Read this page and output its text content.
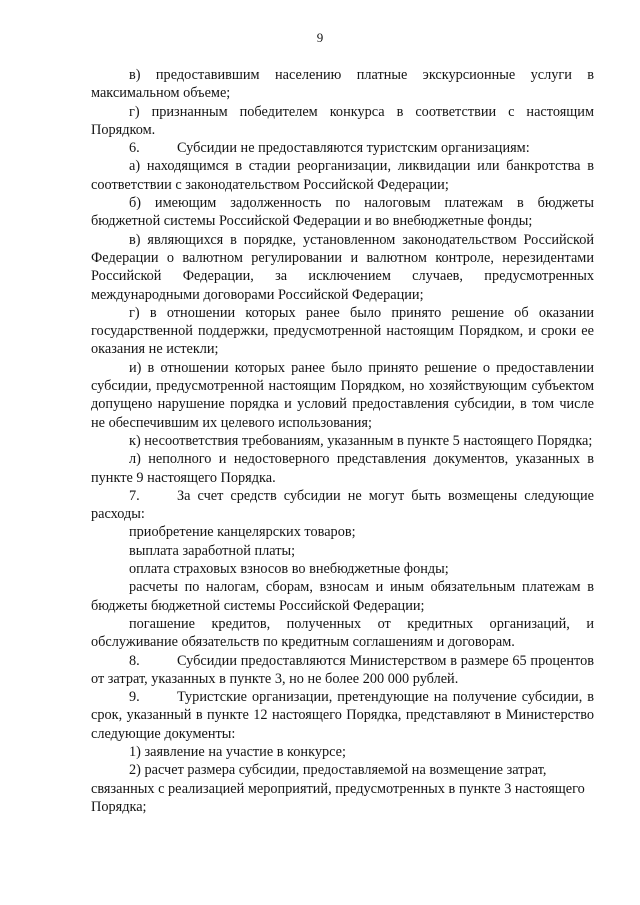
9

в) предоставившим населению платные экскурсионные услуги в максимальном объеме;

г) признанным победителем конкурса в соответствии с настоящим Порядком.

6.	Субсидии не предоставляются туристским организациям:

а) находящимся в стадии реорганизации, ликвидации или банкротства в соответствии с законодательством Российской Федерации;

б) имеющим задолженность по налоговым платежам в бюджеты бюджетной системы Российской Федерации и во внебюджетные фонды;

в) являющихся в порядке, установленном законодательством Российской Федерации о валютном регулировании и валютном контроле, нерезидентами Российской Федерации, за исключением случаев, предусмотренных международными договорами Российской Федерации;

г) в отношении которых ранее было принято решение об оказании государственной поддержки, предусмотренной настоящим Порядком, и сроки ее оказания не истекли;

и) в отношении которых ранее было принято решение о предоставлении субсидии, предусмотренной настоящим Порядком, но хозяйствующим субъектом допущено нарушение порядка и условий предоставления субсидии, в том числе не обеспечившим их целевого использования;

к) несоответствия требованиям, указанным в пункте 5 настоящего Порядка;

л) неполного и недостоверного представления документов, указанных в пункте 9 настоящего Порядка.

7.	За счет средств субсидии не могут быть возмещены следующие расходы:

приобретение канцелярских товаров;

выплата заработной платы;

оплата страховых взносов во внебюджетные фонды;

расчеты по налогам, сборам, взносам и иным обязательным платежам в бюджеты бюджетной системы Российской Федерации;

погашение кредитов, полученных от кредитных организаций, и обслуживание обязательств по кредитным соглашениям и договорам.

8.	Субсидии предоставляются Министерством в размере 65 процентов от затрат, указанных в пункте 3, но не более 200 000 рублей.

9.	Туристские организации, претендующие на получение субсидии, в срок, указанный в пункте 12 настоящего Порядка, представляют в Министерство следующие документы:

1) заявление на участие в конкурсе;

2) расчет размера субсидии, предоставляемой на возмещение затрат, связанных с реализацией мероприятий, предусмотренных в пункте 3 настоящего Порядка;
